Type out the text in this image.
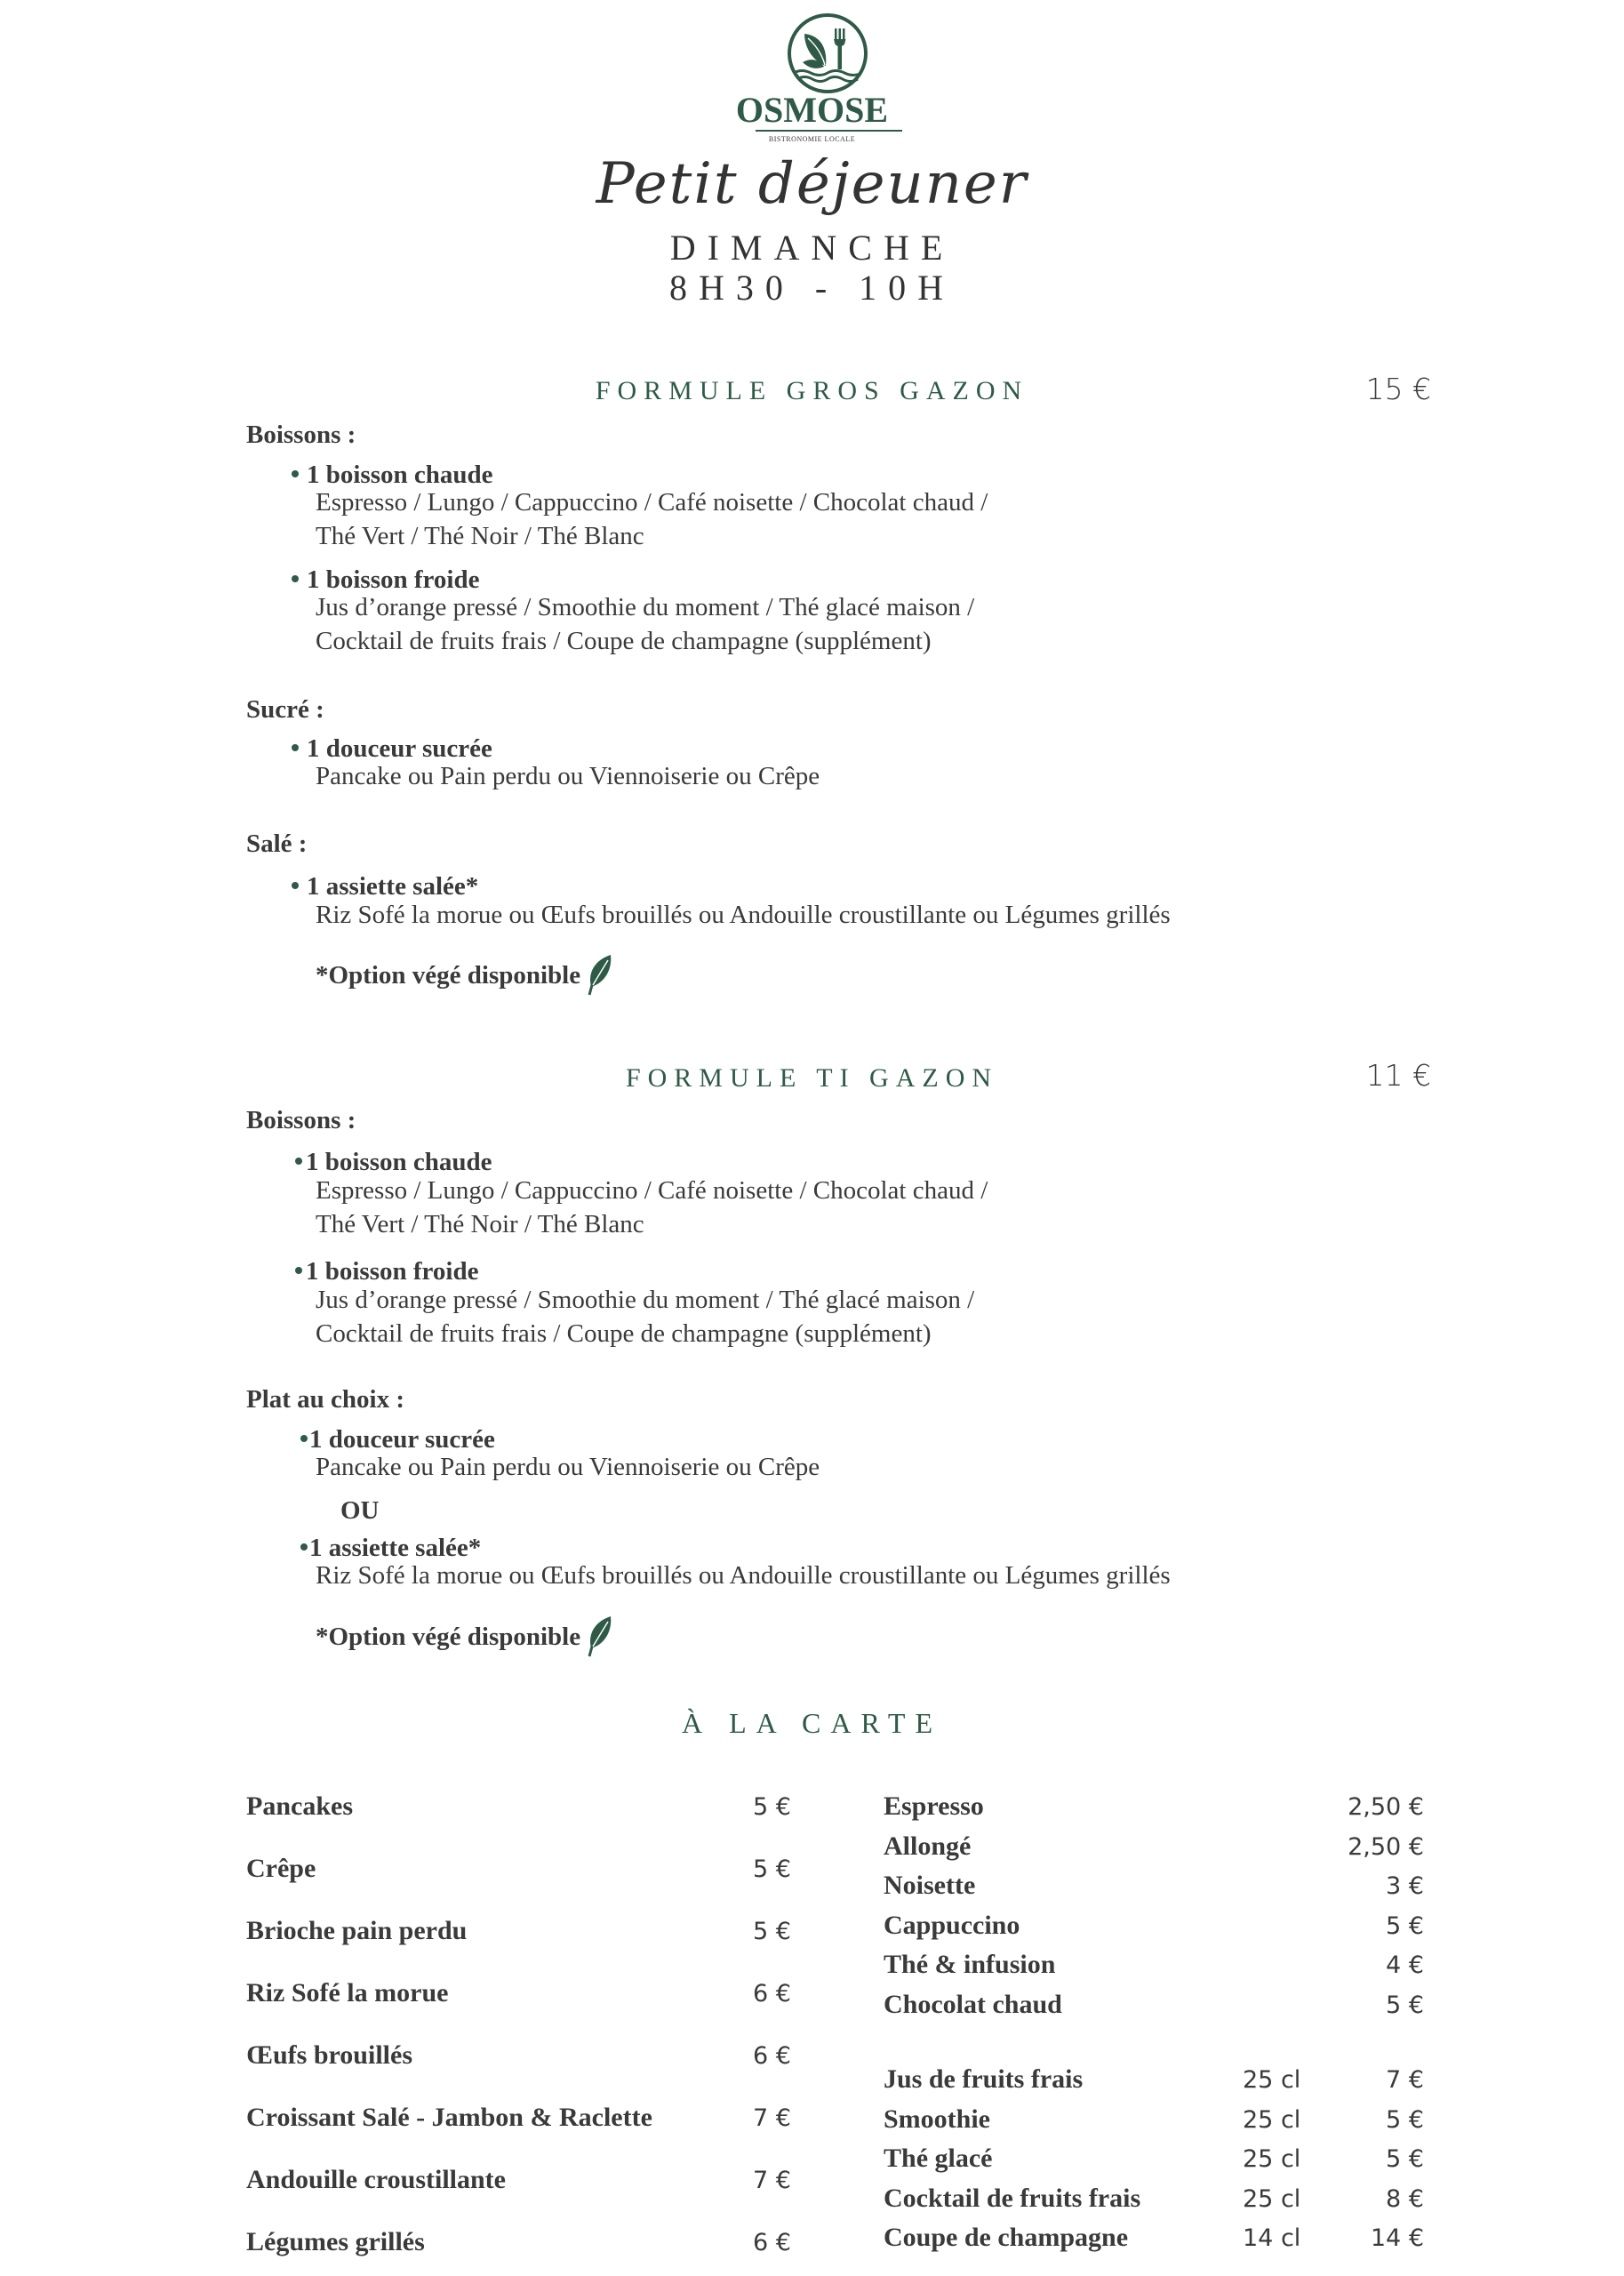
OSMOSE
BISTRONOMIE LOCALE
Petit déjeuner
DIMANCHE
8H30 - 10H
FORMULE GROS GAZON	15 €
Boissons :
1 boisson chaude
Espresso / Lungo / Cappuccino / Café noisette / Chocolat chaud /
Thé Vert / Thé Noir / Thé Blanc
1 boisson froide
Jus d’orange pressé / Smoothie du moment / Thé glacé maison /
Cocktail de fruits frais / Coupe de champagne (supplément)
Sucré :
1 douceur sucrée
Pancake ou Pain perdu ou Viennoiserie ou Crêpe
Salé :
1 assiette salée*
Riz Sofé la morue ou Œufs brouillés ou Andouille croustillante ou Légumes grillés
*Option végé disponible
FORMULE TI GAZON	11 €
Boissons :
1 boisson chaude
Espresso / Lungo / Cappuccino / Café noisette / Chocolat chaud /
Thé Vert / Thé Noir / Thé Blanc
1 boisson froide
Jus d’orange pressé / Smoothie du moment / Thé glacé maison /
Cocktail de fruits frais / Coupe de champagne (supplément)
Plat au choix :
1 douceur sucrée
Pancake ou Pain perdu ou Viennoiserie ou Crêpe
OU
1 assiette salée*
Riz Sofé la morue ou Œufs brouillés ou Andouille croustillante ou Légumes grillés
*Option végé disponible
À LA CARTE
Pancakes	5 €
Crêpe	5 €
Brioche pain perdu	5 €
Riz Sofé la morue	6 €
Œufs brouillés	6 €
Croissant Salé - Jambon & Raclette	7 €
Andouille croustillante	7 €
Légumes grillés	6 €
Espresso	2,50 €
Allongé	2,50 €
Noisette	3 €
Cappuccino	5 €
Thé & infusion	4 €
Chocolat chaud	5 €
Jus de fruits frais	25 cl	7 €
Smoothie	25 cl	5 €
Thé glacé	25 cl	5 €
Cocktail de fruits frais	25 cl	8 €
Coupe de champagne	14 cl	14 €
